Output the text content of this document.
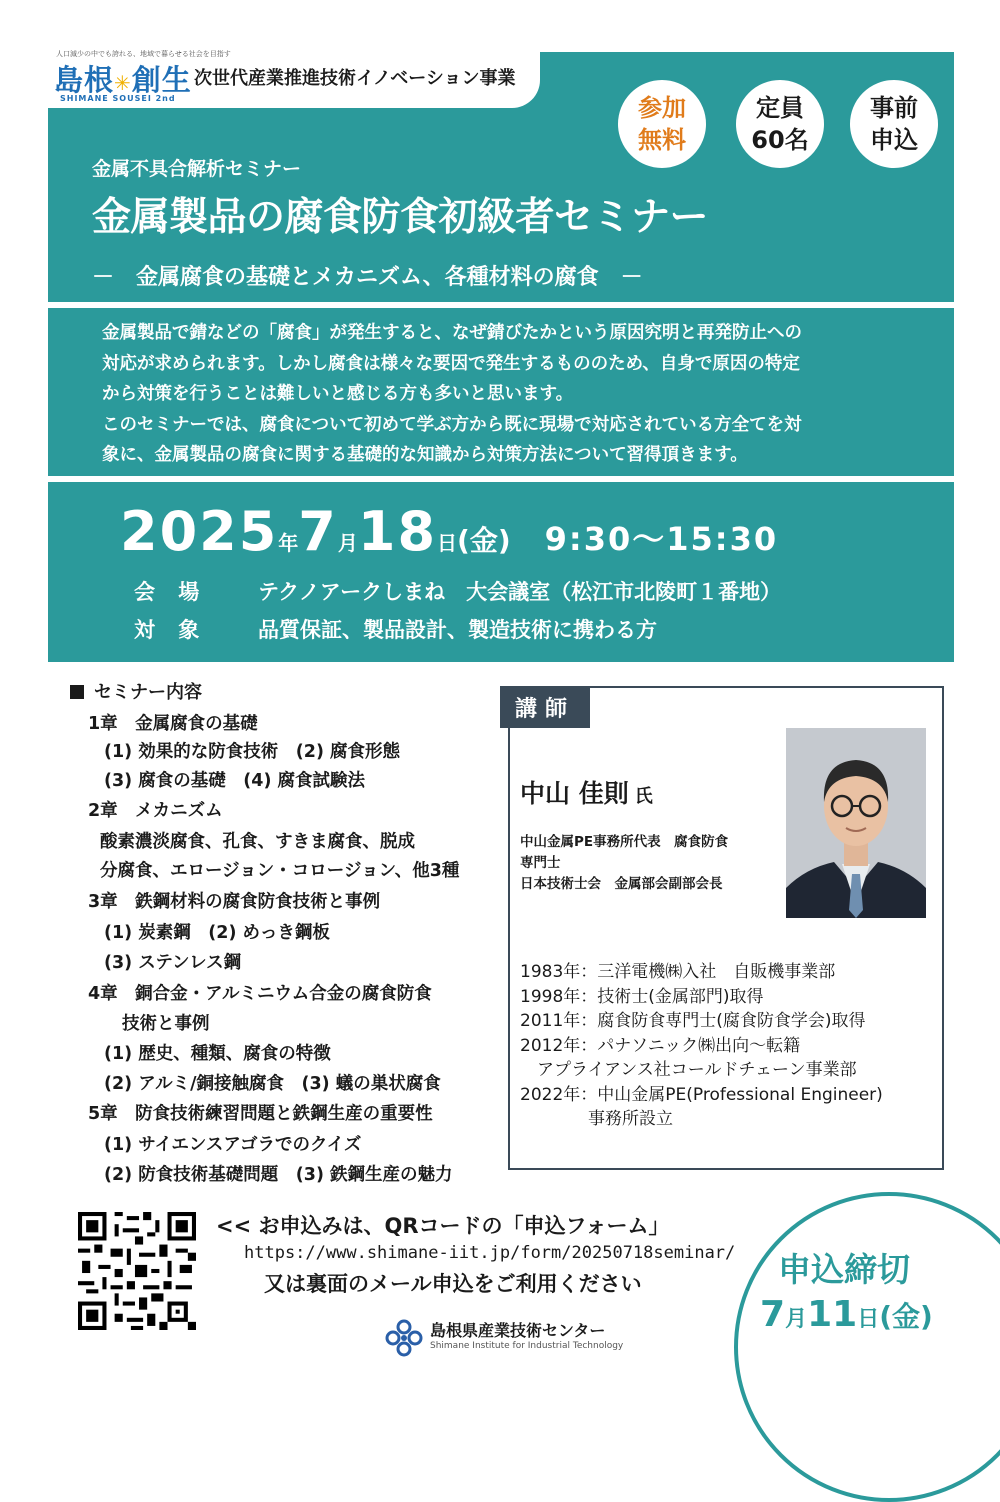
人口減少の中でも誇れる、地域で暮らせる社会を目指す
島根✳創生
SHIMANE SOUSEI 2nd
次世代産業推進技術イノベーション事業
参加
無料
定員
60名
事前
申込
金属不具合解析セミナー
金属製品の腐食防食初級者セミナー
－　金属腐食の基礎とメカニズム、各種材料の腐食　－

金属製品で錆などの「腐食」が発生すると、なぜ錆びたかという原因究明と再発防止への

対応が求められます。しかし腐食は様々な要因で発生するもののため、自身で原因の特定

から対策を行うことは難しいと感じる方も多いと思います。

このセミナーでは、腐食について初めて学ぶ方から既に現場で対応されている方全てを対

象に、金属製品の腐食に関する基礎的な知識から対策方法について習得頂きます。

2025年7月18日(金) 9:30～15:30
会 場 テクノアークしまね　大会議室（松江市北陵町１番地）
対 象 品質保証、製品設計、製造技術に携わる方
セミナー内容
1章　金属腐食の基礎
(1) 効果的な防食技術　(2) 腐食形態
(3) 腐食の基礎　(4) 腐食試験法
2章　メカニズム
酸素濃淡腐食、孔食、すきま腐食、脱成
分腐食、エロージョン・コロージョン、他3種
3章　鉄鋼材料の腐食防食技術と事例
(1) 炭素鋼　(2) めっき鋼板
(3) ステンレス鋼
4章　銅合金・アルミニウム合金の腐食防食
技術と事例
(1) 歴史、種類、腐食の特徴
(2) アルミ/銅接触腐食　(3) 蟻の巣状腐食
5章　防食技術練習問題と鉄鋼生産の重要性
(1) サイエンスアゴラでのクイズ
(2) 防食技術基礎問題　(3) 鉄鋼生産の魅力
講師
中山 佳則 氏
中山金属PE事務所代表　腐食防食
専門士
日本技術士会　金属部会副部会長
1983年：三洋電機㈱入社　自販機事業部
1998年：技術士(金属部門)取得
2011年：腐食防食専門士(腐食防食学会)取得
2012年：パナソニック㈱出向～転籍
　アプライアンス社コールドチェーン事業部
2022年：中山金属PE(Professional Engineer)
　　　　事務所設立
<< お申込みは、QRコードの「申込フォーム」
https://www.shimane-iit.jp/form/20250718seminar/
又は裏面のメール申込をご利用ください
島根県産業技術センター
Shimane Institute for Industrial Technology
申込締切
7月11日(金)
